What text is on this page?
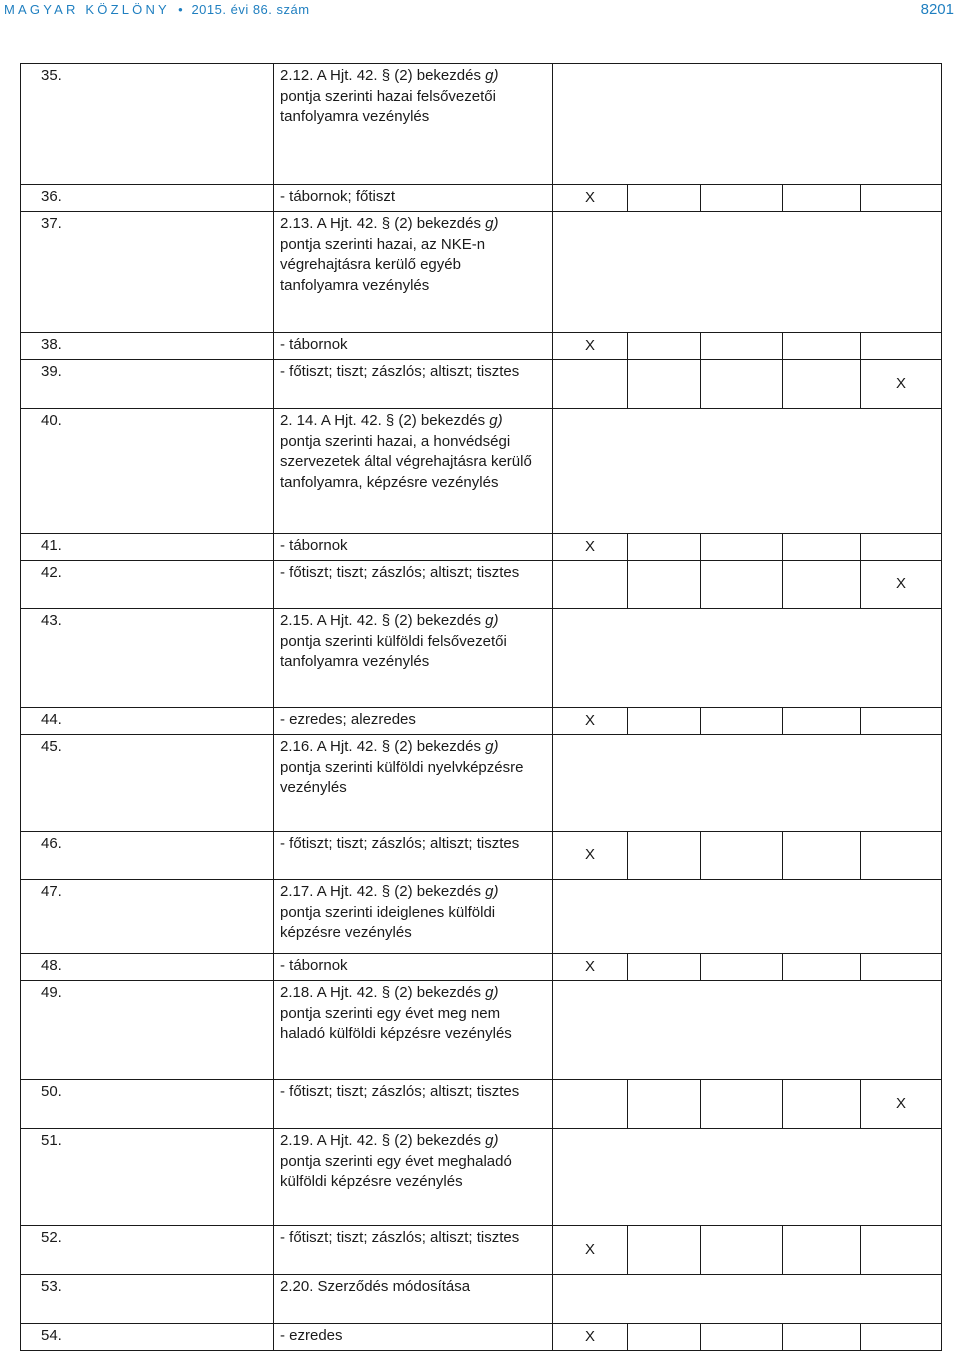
MAGYAR KÖZLÖNY • 2015. évi 86. szám	8201
35.	2.12. A Hjt. 42. § (2) bekezdés g)
pontja szerinti hazai felsővezetői
tanfolyamra vezénylés					

36.	- tábornok; főtiszt	X				
37.	2.13. A Hjt. 42. § (2) bekezdés g)
pontja szerinti hazai, az NKE-n
végrehajtásra kerülő egyéb
tanfolyamra vezénylés					

38.	- tábornok	X				
39.	- főtiszt; tiszt; zászlós; altiszt; tisztes					X
40.	2. 14. A Hjt. 42. § (2) bekezdés g)
pontja szerinti hazai, a honvédségi
szervezetek által végrehajtásra kerülő
tanfolyamra, képzésre vezénylés					

41.	- tábornok	X				
42.	- főtiszt; tiszt; zászlós; altiszt; tisztes					X
43.	2.15. A Hjt. 42. § (2) bekezdés g)
pontja szerinti külföldi felsővezetői
tanfolyamra vezénylés					

44.	- ezredes; alezredes	X				
45.	2.16. A Hjt. 42. § (2) bekezdés g)
pontja szerinti külföldi nyelvképzésre
vezénylés					

46.	- főtiszt; tiszt; zászlós; altiszt; tisztes	X				
47.	2.17. A Hjt. 42. § (2) bekezdés g)
pontja szerinti ideiglenes külföldi
képzésre vezénylés					

48.	- tábornok	X				
49.	2.18. A Hjt. 42. § (2) bekezdés g)
pontja szerinti egy évet meg nem
haladó külföldi képzésre vezénylés					

50.	- főtiszt; tiszt; zászlós; altiszt; tisztes					X
51.	2.19. A Hjt. 42. § (2) bekezdés g)
pontja szerinti egy évet meghaladó
külföldi képzésre vezénylés					

52.	- főtiszt; tiszt; zászlós; altiszt; tisztes	X				
53.	2.20. Szerződés módosítása					

54.	- ezredes	X				
